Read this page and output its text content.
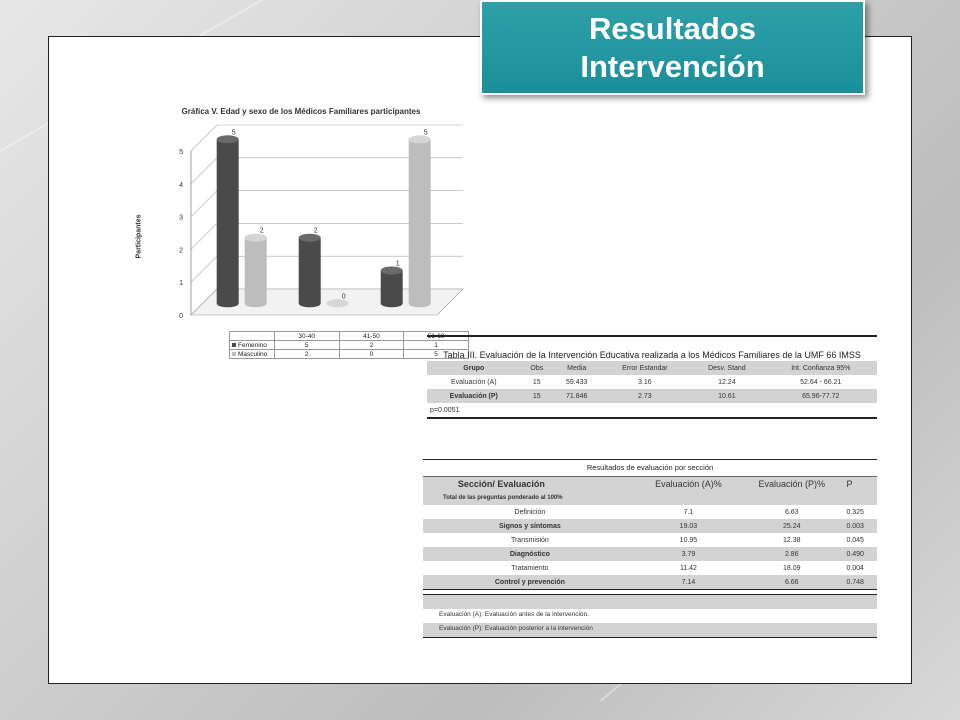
Gráfica V. Edad y sexo de los Médicos Familiares participantes
Participantes
0
1
2
3
4
5
5
2	2
0
1
5
	30-40	41-50	51-60
Femenino	5	2	1
Masculino	2	0	5 Tabla III. Evaluación de la Intervención Educativa realizada a los Médicos Familiares de la UMF 66 IMSS
Grupo	Obs	Media	Error Estandar	Desv. Stand	Int. Confianza 95%
Evaluación (A)	15	59.433	3.16	12.24	52.64 - 66.21
Evaluación (P)	15	71.846	2.73	10.61	65.96-77.72
p=0.0051					
Resultados de evaluación por sección
Sección/ Evaluación	Evaluación (A)%	Evaluación (P)%	P
Total de las preguntas ponderado al 100%			
Definición	7.1	6.63	0.325
Signos y síntomas	19.03	25.24	0.003
Transmisión	10.95	12.38	0.045
Diagnóstico	3.79	2.86	0.490
Tratamiento	11.42	18.09	0.004
Control y prevención	7.14	6.66	0.748
Evaluación (A): Evaluación antes de la intervención.
Evaluación (P): Evaluación posterior a la intervención
Resultados
Intervención
